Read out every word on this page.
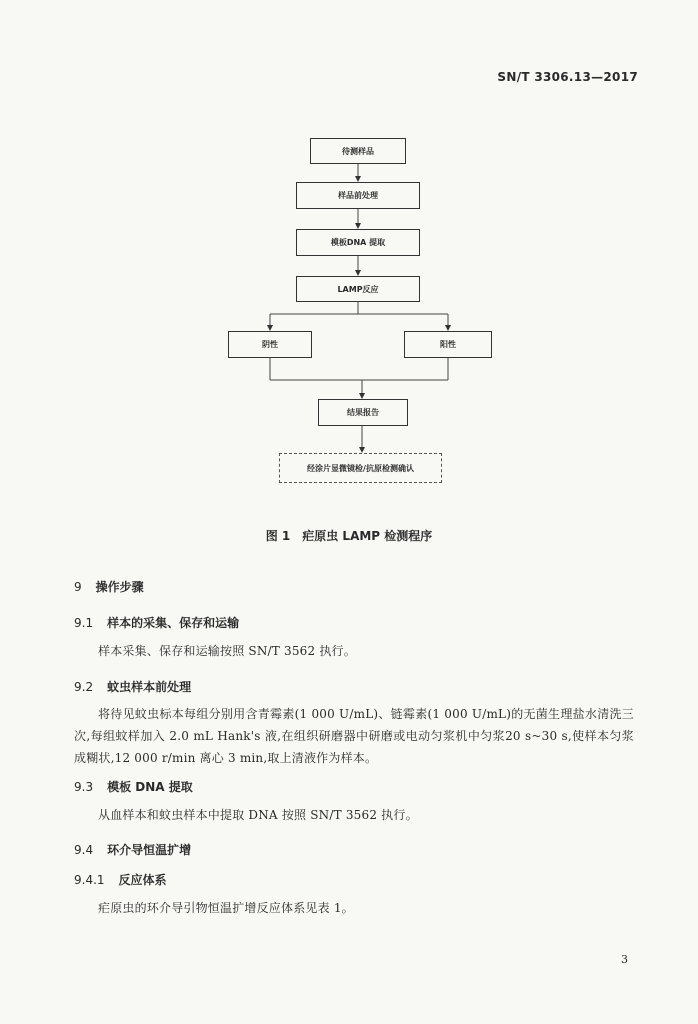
SN/T 3306.13—2017
待测样品
样品前处理
模板DNA 提取
LAMP反应
阴性	阳性
结果报告
经涂片显微镜检/抗原检测确认
图 1　疟原虫 LAMP 检测程序
9 操作步骤
9.1 样本的采集、保存和运输
样本采集、保存和运输按照 SN/T 3562 执行。
9.2 蚊虫样本前处理
将待见蚊虫标本每组分别用含青霉素(1 000 U/mL)、链霉素(1 000 U/mL)的无菌生理盐水清洗三次,每组蚊样加入 2.0 mL Hank's 液,在组织研磨器中研磨或电动匀浆机中匀浆20 s~30 s,使样本匀浆成糊状,12 000 r/min 离心 3 min,取上清液作为样本。
9.3 模板 DNA 提取
从血样本和蚊虫样本中提取 DNA 按照 SN/T 3562 执行。
9.4 环介导恒温扩增
9.4.1 反应体系
疟原虫的环介导引物恒温扩增反应体系见表 1。
3
